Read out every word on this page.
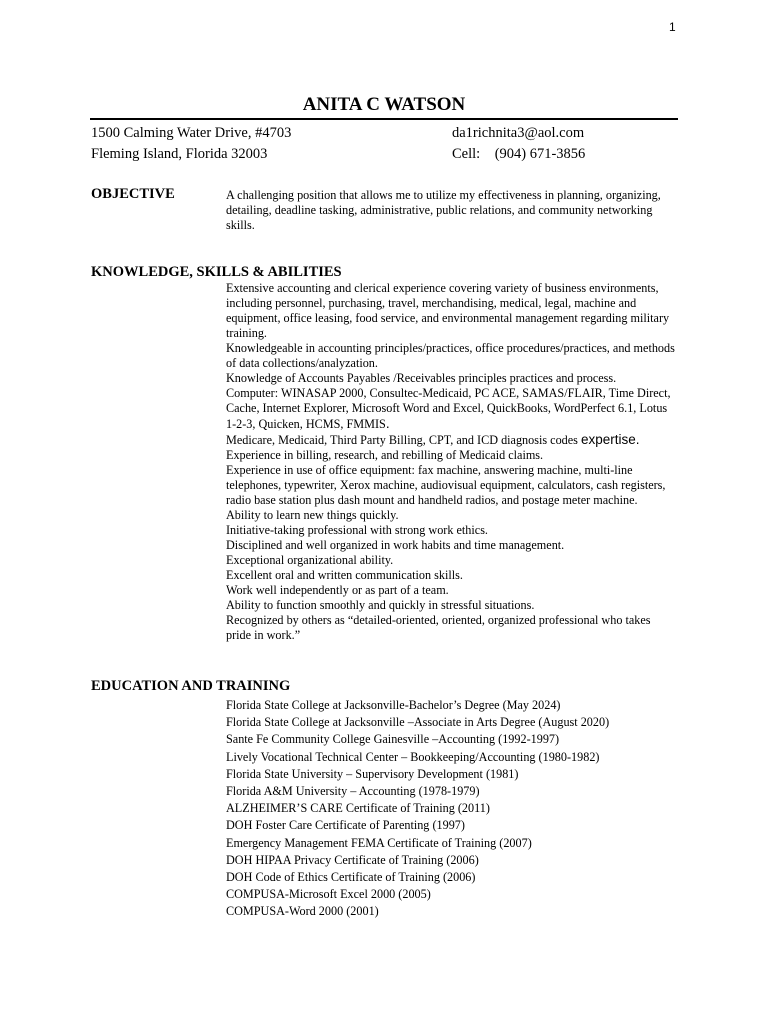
1
ANITA C WATSON
1500 Calming Water Drive, #4703
Fleming Island, Florida 32003
da1richnita3@aol.com
Cell:    (904) 671-3856
OBJECTIVE	A challenging position that allows me to utilize my effectiveness in planning, organizing, detailing, deadline tasking, administrative, public relations, and community networking skills.
KNOWLEDGE, SKILLS & ABILITIES
Extensive accounting and clerical experience covering variety of business environments, including personnel, purchasing, travel, merchandising, medical, legal, machine and equipment, office leasing, food service, and environmental management regarding military training.
Knowledgeable in accounting principles/practices, office procedures/practices, and methods of data collections/analyzation.
Knowledge of Accounts Payables /Receivables principles practices and process.
Computer: WINASAP 2000, Consultec-Medicaid, PC ACE, SAMAS/FLAIR, Time Direct, Cache, Internet Explorer, Microsoft Word and Excel, QuickBooks, WordPerfect 6.1, Lotus 1-2-3, Quicken, HCMS, FMMIS.
Medicare, Medicaid, Third Party Billing, CPT, and ICD diagnosis codes expertise.
Experience in billing, research, and rebilling of Medicaid claims.
Experience in use of office equipment: fax machine, answering machine, multi-line telephones, typewriter, Xerox machine, audiovisual equipment, calculators, cash registers, radio base station plus dash mount and handheld radios, and postage meter machine.
Ability to learn new things quickly.
Initiative-taking professional with strong work ethics.
Disciplined and well organized in work habits and time management.
Exceptional organizational ability.
Excellent oral and written communication skills.
Work well independently or as part of a team.
Ability to function smoothly and quickly in stressful situations.
Recognized by others as “detailed-oriented, oriented, organized professional who takes pride in work.”
EDUCATION AND TRAINING
Florida State College at Jacksonville-Bachelor’s Degree (May 2024)
Florida State College at Jacksonville –Associate in Arts Degree (August 2020)
Sante Fe Community College Gainesville –Accounting (1992-1997)
Lively Vocational Technical Center – Bookkeeping/Accounting (1980-1982)
Florida State University – Supervisory Development (1981)
Florida A&M University – Accounting (1978-1979)
ALZHEIMER’S CARE Certificate of Training (2011)
DOH Foster Care Certificate of Parenting (1997)
Emergency Management FEMA Certificate of Training (2007)
DOH HIPAA Privacy Certificate of Training (2006)
DOH Code of Ethics Certificate of Training (2006)
COMPUSA-Microsoft Excel 2000 (2005)
COMPUSA-Word 2000 (2001)
